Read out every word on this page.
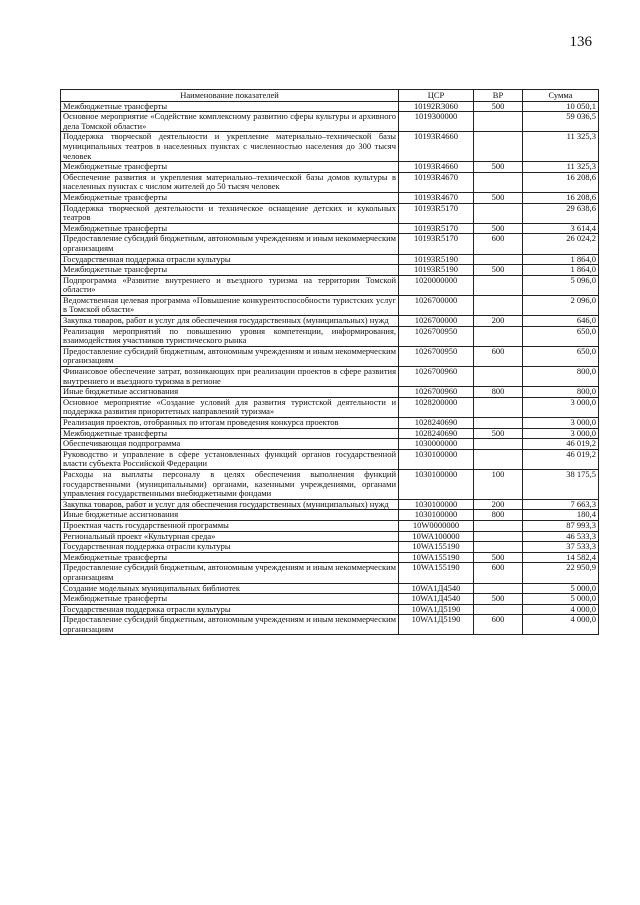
136
Наименование показателей	ЦСР	ВР	Сумма
Межбюджетные трансферты	10192R3060	500	10 050,1
Основное мероприятие «Содействие комплексному развитию сферы культуры и архивного дела Томской области»	1019300000		59 036,5
Поддержка творческой деятельности и укрепление материально–технической базы муниципальных театров в населенных пунктах с численностью населения до 300 тысяч человек	10193R4660		11 325,3
Межбюджетные трансферты	10193R4660	500	11 325,3
Обеспечение развития и укрепления материально–технической базы домов культуры в населенных пунктах с числом жителей до 50 тысяч человек	10193R4670		16 208,6
Межбюджетные трансферты	10193R4670	500	16 208,6
Поддержка творческой деятельности и техническое оснащение детских и кукольных театров	10193R5170		29 638,6
Межбюджетные трансферты	10193R5170	500	3 614,4
Предоставление субсидий бюджетным, автономным учреждениям и иным некоммерческим организациям	10193R5170	600	26 024,2
Государственная поддержка отрасли культуры	10193R5190		1 864,0
Межбюджетные трансферты	10193R5190	500	1 864,0
Подпрограмма «Развитие внутреннего и въездного туризма на территории Томской области»	1020000000		5 096,0
Ведомственная целевая программа «Повышение конкурентоспособности туристских услуг в Томской области»	1026700000		2 096,0
Закупка товаров, работ и услуг для обеспечения государственных (муниципальных) нужд	1026700000	200	646,0
Реализация мероприятий по повышению уровня компетенции, информирования, взаимодействия участников туристического рынка	1026700950		650,0
Предоставление субсидий бюджетным, автономным учреждениям и иным некоммерческим организациям	1026700950	600	650,0
Финансовое обеспечение затрат, возникающих при реализации проектов в сфере развития внутреннего и въездного туризма в регионе	1026700960		800,0
Иные бюджетные ассигнования	1026700960	800	800,0
Основное мероприятие «Создание условий для развития туристской деятельности и поддержка развития приоритетных направлений туризма»	1028200000		3 000,0
Реализация проектов, отобранных по итогам проведения конкурса проектов	1028240690		3 000,0
Межбюджетные трансферты	1028240690	500	3 000,0
Обеспечивающая подпрограмма	1030000000		46 019,2
Руководство и управление в сфере установленных функций органов государственной власти субъекта Российской Федерации	1030100000		46 019,2
Расходы на выплаты персоналу в целях обеспечения выполнения функций государственными (муниципальными) органами, казенными учреждениями, органами управления государственными внебюджетными фондами	1030100000	100	38 175,5
Закупка товаров, работ и услуг для обеспечения государственных (муниципальных) нужд	1030100000	200	7 663,3
Иные бюджетные ассигнования	1030100000	800	180,4
Проектная часть государственной программы	10W0000000		87 993,3
Региональный проект «Культурная среда»	10WA100000		46 533,3
Государственная поддержка отрасли культуры	10WA155190		37 533,3
Межбюджетные трансферты	10WA155190	500	14 582,4
Предоставление субсидий бюджетным, автономным учреждениям и иным некоммерческим организациям	10WA155190	600	22 950,9
Создание модельных муниципальных библиотек	10WA1Д4540		5 000,0
Межбюджетные трансферты	10WA1Д4540	500	5 000,0
Государственная поддержка отрасли культуры	10WA1Д5190		4 000,0
Предоставление субсидий бюджетным, автономным учреждениям и иным некоммерческим организациям	10WA1Д5190	600	4 000,0
